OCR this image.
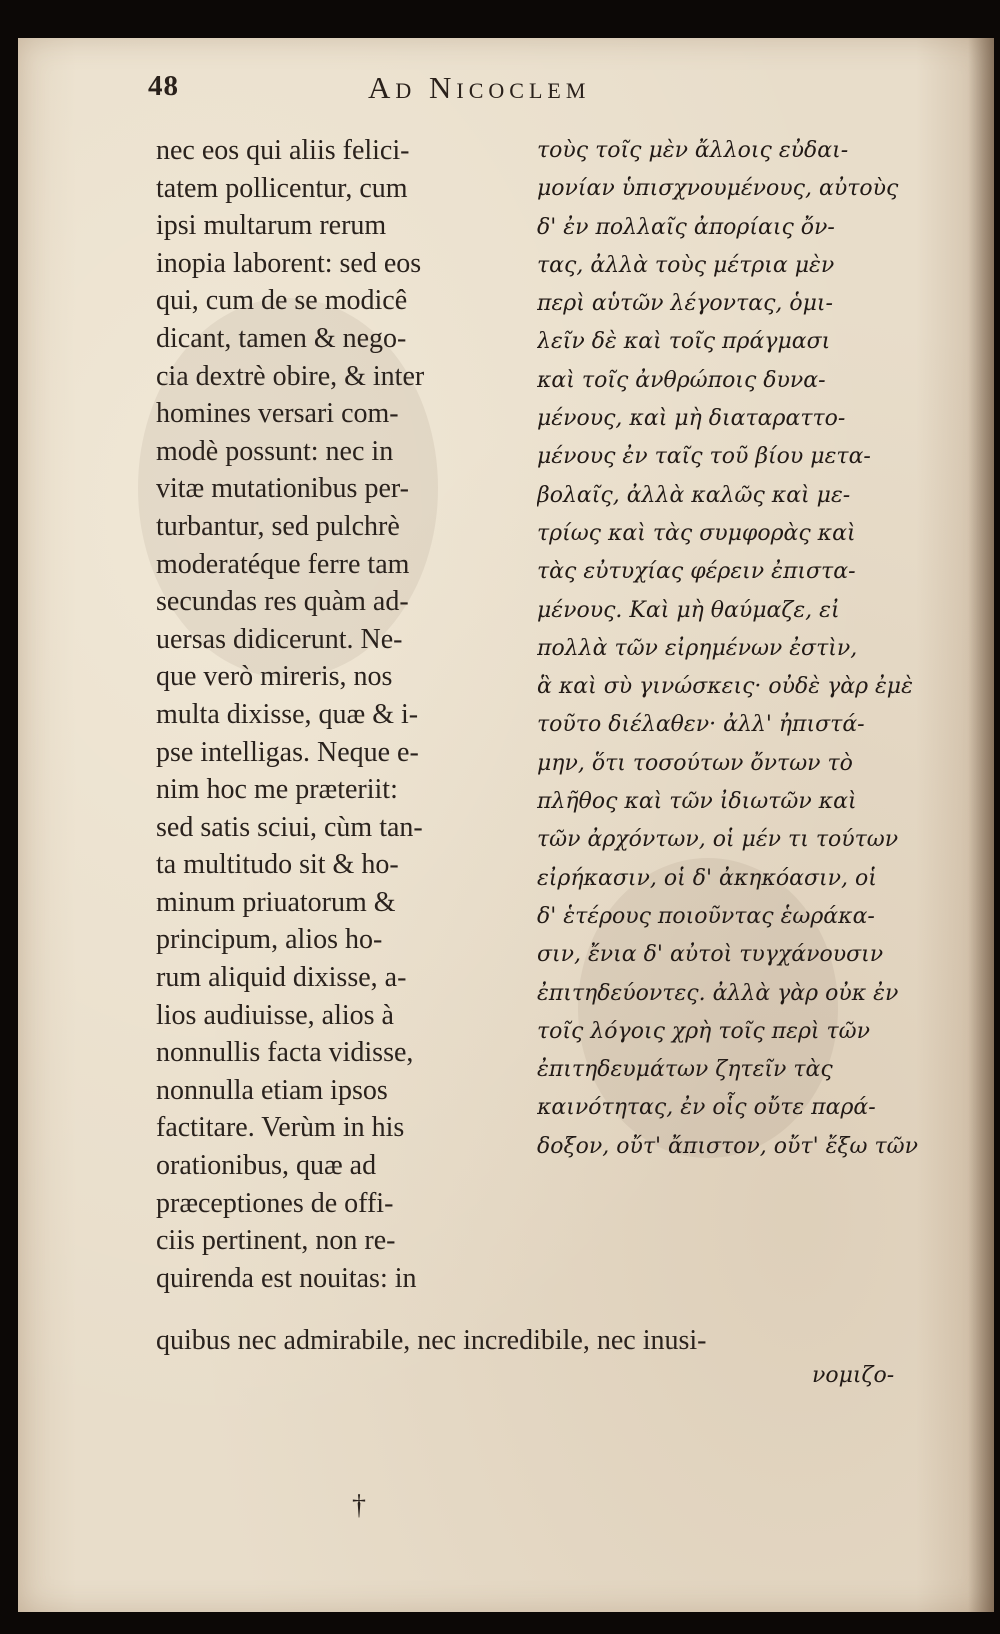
48	Ad Nicoclem
nec eos qui aliis felici-
tatem pollicentur, cum
ipsi multarum rerum
inopia laborent: sed eos
qui, cum de se modicê
dicant, tamen & nego-
cia dextrè obire, & inter
homines versari com-
modè possunt: nec in
vitæ mutationibus per-
turbantur, sed pulchrè
moderatéque ferre tam
secundas res quàm ad-
uersas didicerunt. Ne-
que verò mireris, nos
multa dixisse, quæ & i-
pse intelligas. Neque e-
nim hoc me præteriit:
sed satis sciui, cùm tan-
ta multitudo sit & ho-
minum priuatorum &
principum, alios ho-
rum aliquid dixisse, a-
lios audiuisse, alios à
nonnullis facta vidisse,
nonnulla etiam ipsos
factitare. Verùm in his
orationibus, quæ ad
præceptiones de offi-
ciis pertinent, non re-
quirenda est nouitas: in
τοὺς τοῖς μὲν ἄλλοις εὐδαι-
μονίαν ὑπισχνουμένους, αὐτοὺς
δ' ἐν πολλαῖς ἀπορίαις ὄν-
τας, ἀλλὰ τοὺς μέτρια μὲν
περὶ αὑτῶν λέγοντας, ὁμι-
λεῖν δὲ καὶ τοῖς πράγμασι
καὶ τοῖς ἀνθρώποις δυνα-
μένους, καὶ μὴ διαταραττο-
μένους ἐν ταῖς τοῦ βίου μετα-
βολαῖς, ἀλλὰ καλῶς καὶ με-
τρίως καὶ τὰς συμφορὰς καὶ
τὰς εὐτυχίας φέρειν ἐπιστα-
μένους. Καὶ μὴ θαύμαζε, εἰ
πολλὰ τῶν εἰρημένων ἐστὶν,
ἃ καὶ σὺ γινώσκεις· οὐδὲ γὰρ ἐμὲ
τοῦτο διέλαθεν· ἀλλ' ἠπιστά-
μην, ὅτι τοσούτων ὄντων τὸ
πλῆθος καὶ τῶν ἰδιωτῶν καὶ
τῶν ἀρχόντων, οἱ μέν τι τούτων
εἰρήκασιν, οἱ δ' ἀκηκόασιν, οἱ
δ' ἑτέρους ποιοῦντας ἑωράκα-
σιν, ἔνια δ' αὐτοὶ τυγχάνουσιν
ἐπιτηδεύοντες. ἀλλὰ γὰρ οὐκ ἐν
τοῖς λόγοις χρὴ τοῖς περὶ τῶν
ἐπιτηδευμάτων ζητεῖν τὰς
καινότητας, ἐν οἷς οὔτε παρά-
δοξον, οὔτ' ἄπιστον, οὔτ' ἔξω τῶν
quibus nec admirabile, nec incredibile, nec inusi-
νομιζο-
†
